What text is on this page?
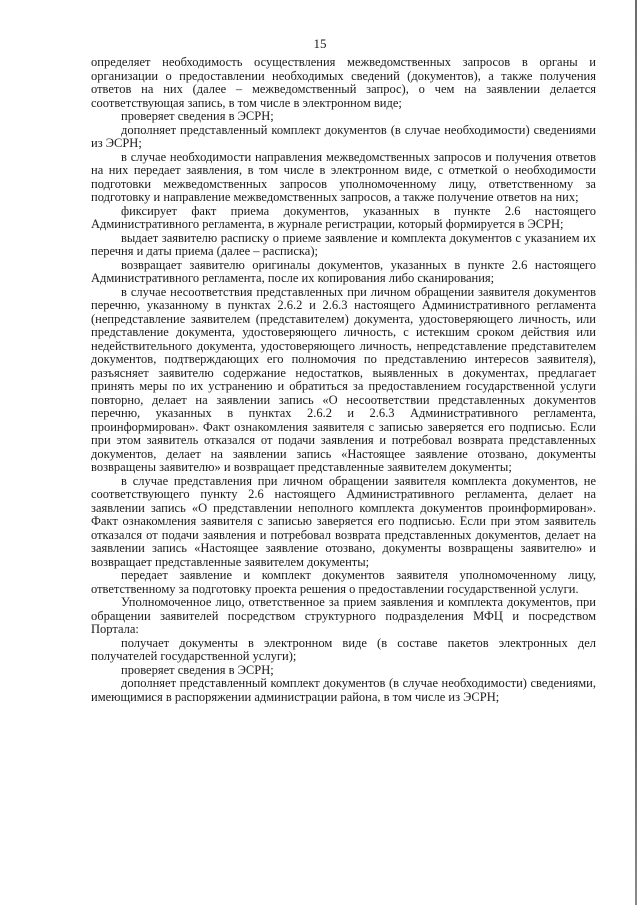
15

определяет необходимость осуществления межведомственных запросов в органы и организации о предоставлении необходимых сведений (документов), а также получения ответов на них (далее – межведомственный запрос), о чем на заявлении делается соответствующая запись, в том числе в электронном виде;

проверяет сведения в ЭСРН;

дополняет представленный комплект документов (в случае необходимости) сведениями из ЭСРН;

в случае необходимости направления межведомственных запросов и получения ответов на них передает заявления, в том числе в электронном виде, с отметкой о необходимости подготовки межведомственных запросов уполномоченному лицу, ответственному за подготовку и направление межведомственных запросов, а также получение ответов на них;

фиксирует факт приема документов, указанных в пункте 2.6 настоящего Административного регламента, в журнале регистрации, который формируется в ЭСРН;

выдает заявителю расписку о приеме заявление и комплекта документов с указанием их перечня и даты приема (далее – расписка);

возвращает заявителю оригиналы документов, указанных в пункте 2.6 настоящего Административного регламента, после их копирования либо сканирования;

в случае несоответствия представленных при личном обращении заявителя документов перечню, указанному в пунктах 2.6.2 и 2.6.3 настоящего Административного регламента (непредставление заявителем (представителем) документа, удостоверяющего личность, или представление документа, удостоверяющего личность, с истекшим сроком действия или недействительного документа, удостоверяющего личность, непредставление представителем документов, подтверждающих его полномочия по представлению интересов заявителя), разъясняет заявителю содержание недостатков, выявленных в документах, предлагает принять меры по их устранению и обратиться за предоставлением государственной услуги повторно, делает на заявлении запись «О несоответствии представленных документов перечню, указанных в пунктах 2.6.2 и 2.6.3 Административного регламента, проинформирован». Факт ознакомления заявителя с записью заверяется его подписью. Если при этом заявитель отказался от подачи заявления и потребовал возврата представленных документов, делает на заявлении запись «Настоящее заявление отозвано, документы возвращены заявителю» и возвращает представленные заявителем документы;

в случае представления при личном обращении заявителя комплекта документов, не соответствующего пункту 2.6 настоящего Административного регламента, делает на заявлении запись «О представлении неполного комплекта документов проинформирован». Факт ознакомления заявителя с записью заверяется его подписью. Если при этом заявитель отказался от подачи заявления и потребовал возврата представленных документов, делает на заявлении запись «Настоящее заявление отозвано, документы возвращены заявителю» и возвращает представленные заявителем документы;

передает заявление и комплект документов заявителя уполномоченному лицу, ответственному за подготовку проекта решения о предоставлении государственной услуги.

Уполномоченное лицо, ответственное за прием заявления и комплекта документов, при обращении заявителей посредством структурного подразделения МФЦ и посредством Портала:

получает документы в электронном виде (в составе пакетов электронных дел получателей государственной услуги);

проверяет сведения в ЭСРН;

дополняет представленный комплект документов (в случае необходимости) сведениями, имеющимися в распоряжении администрации района, в том числе из ЭСРН;
